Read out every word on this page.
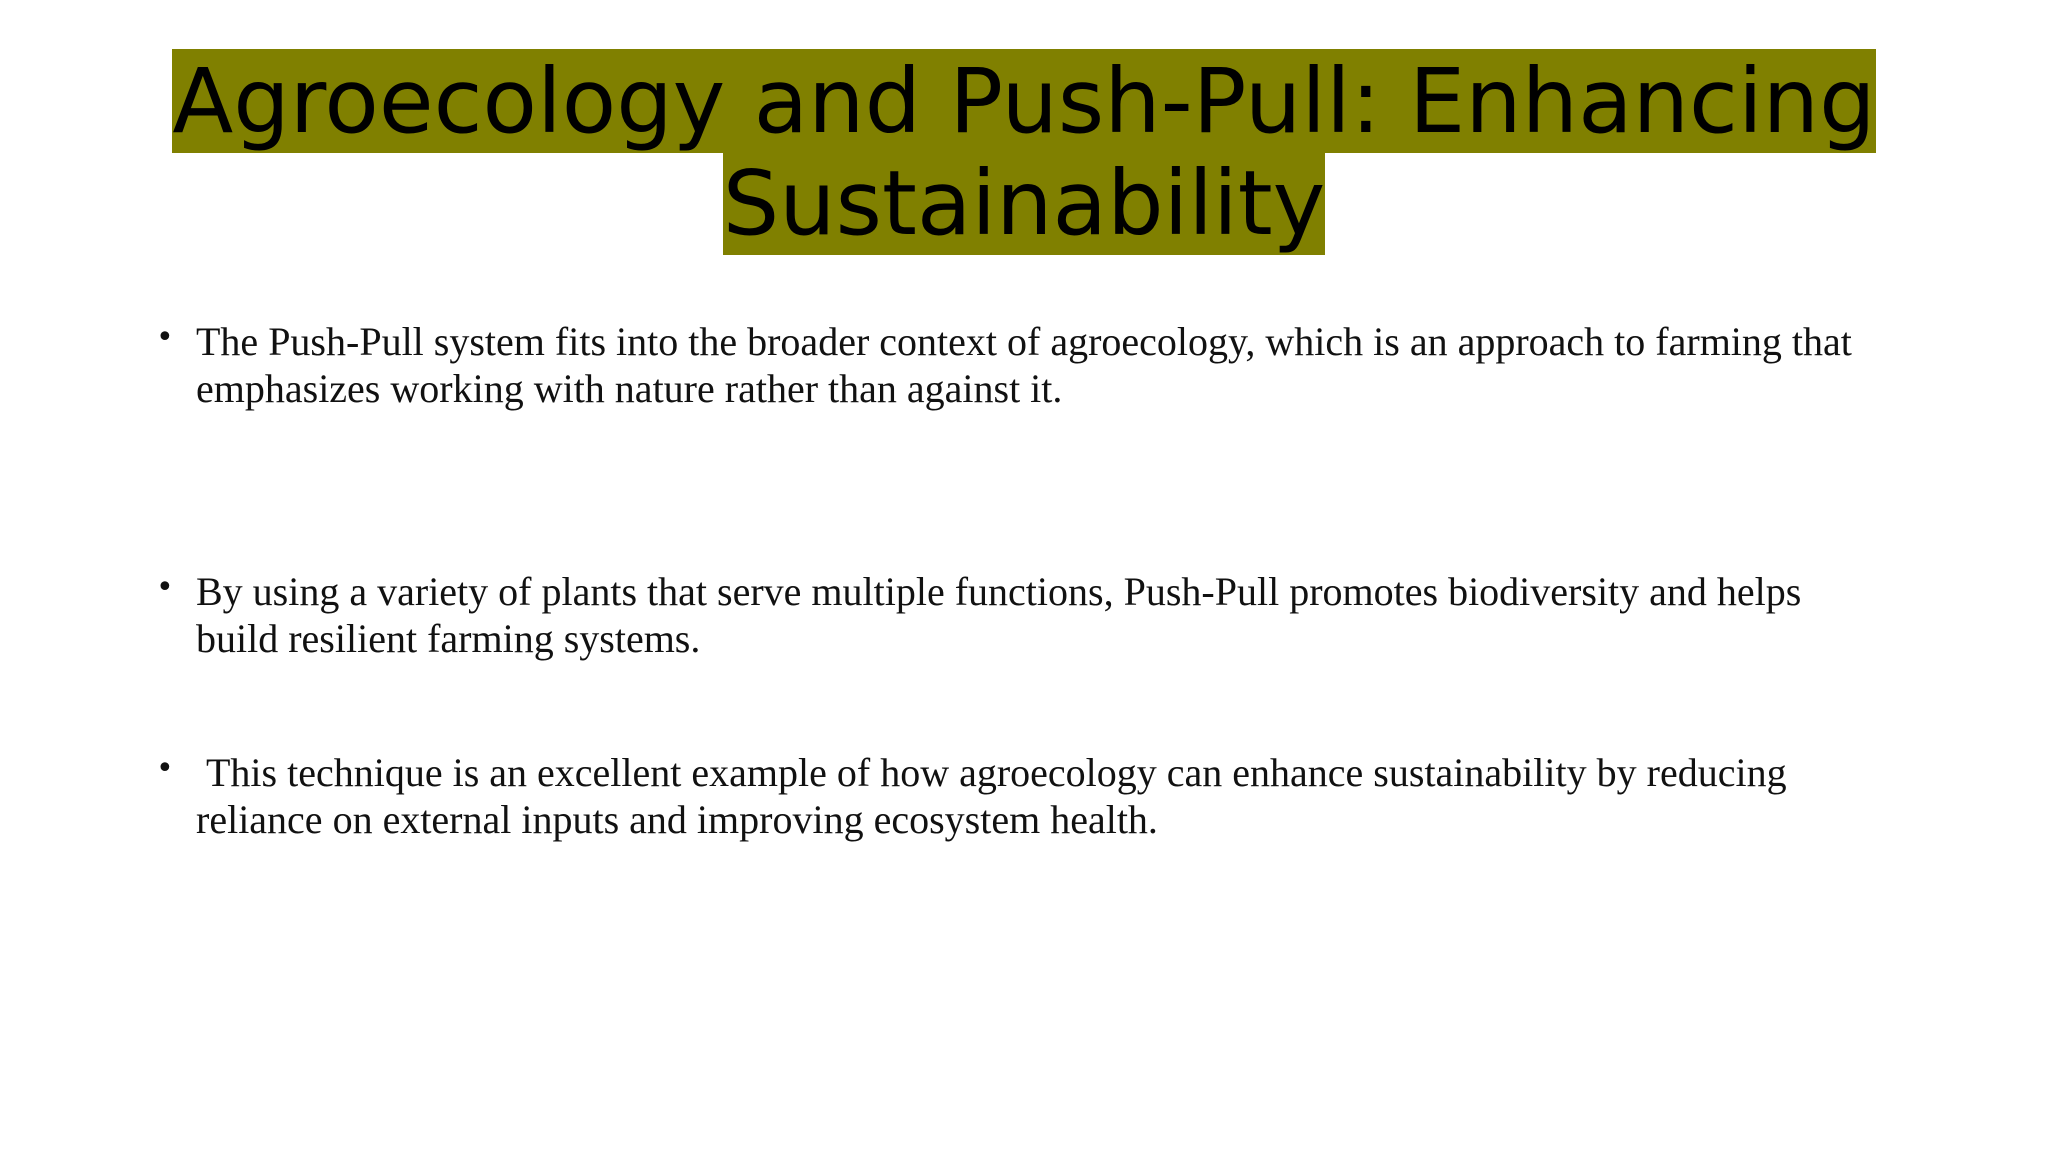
Agroecology and Push-Pull: Enhancing Sustainability
• The Push-Pull system fits into the broader context of agroecology, which is an approach to farming that emphasizes working with nature rather than against it.
• By using a variety of plants that serve multiple functions, Push-Pull promotes biodiversity and helps build resilient farming systems.
• This technique is an excellent example of how agroecology can enhance sustainability by reducing reliance on external inputs and improving ecosystem health.
